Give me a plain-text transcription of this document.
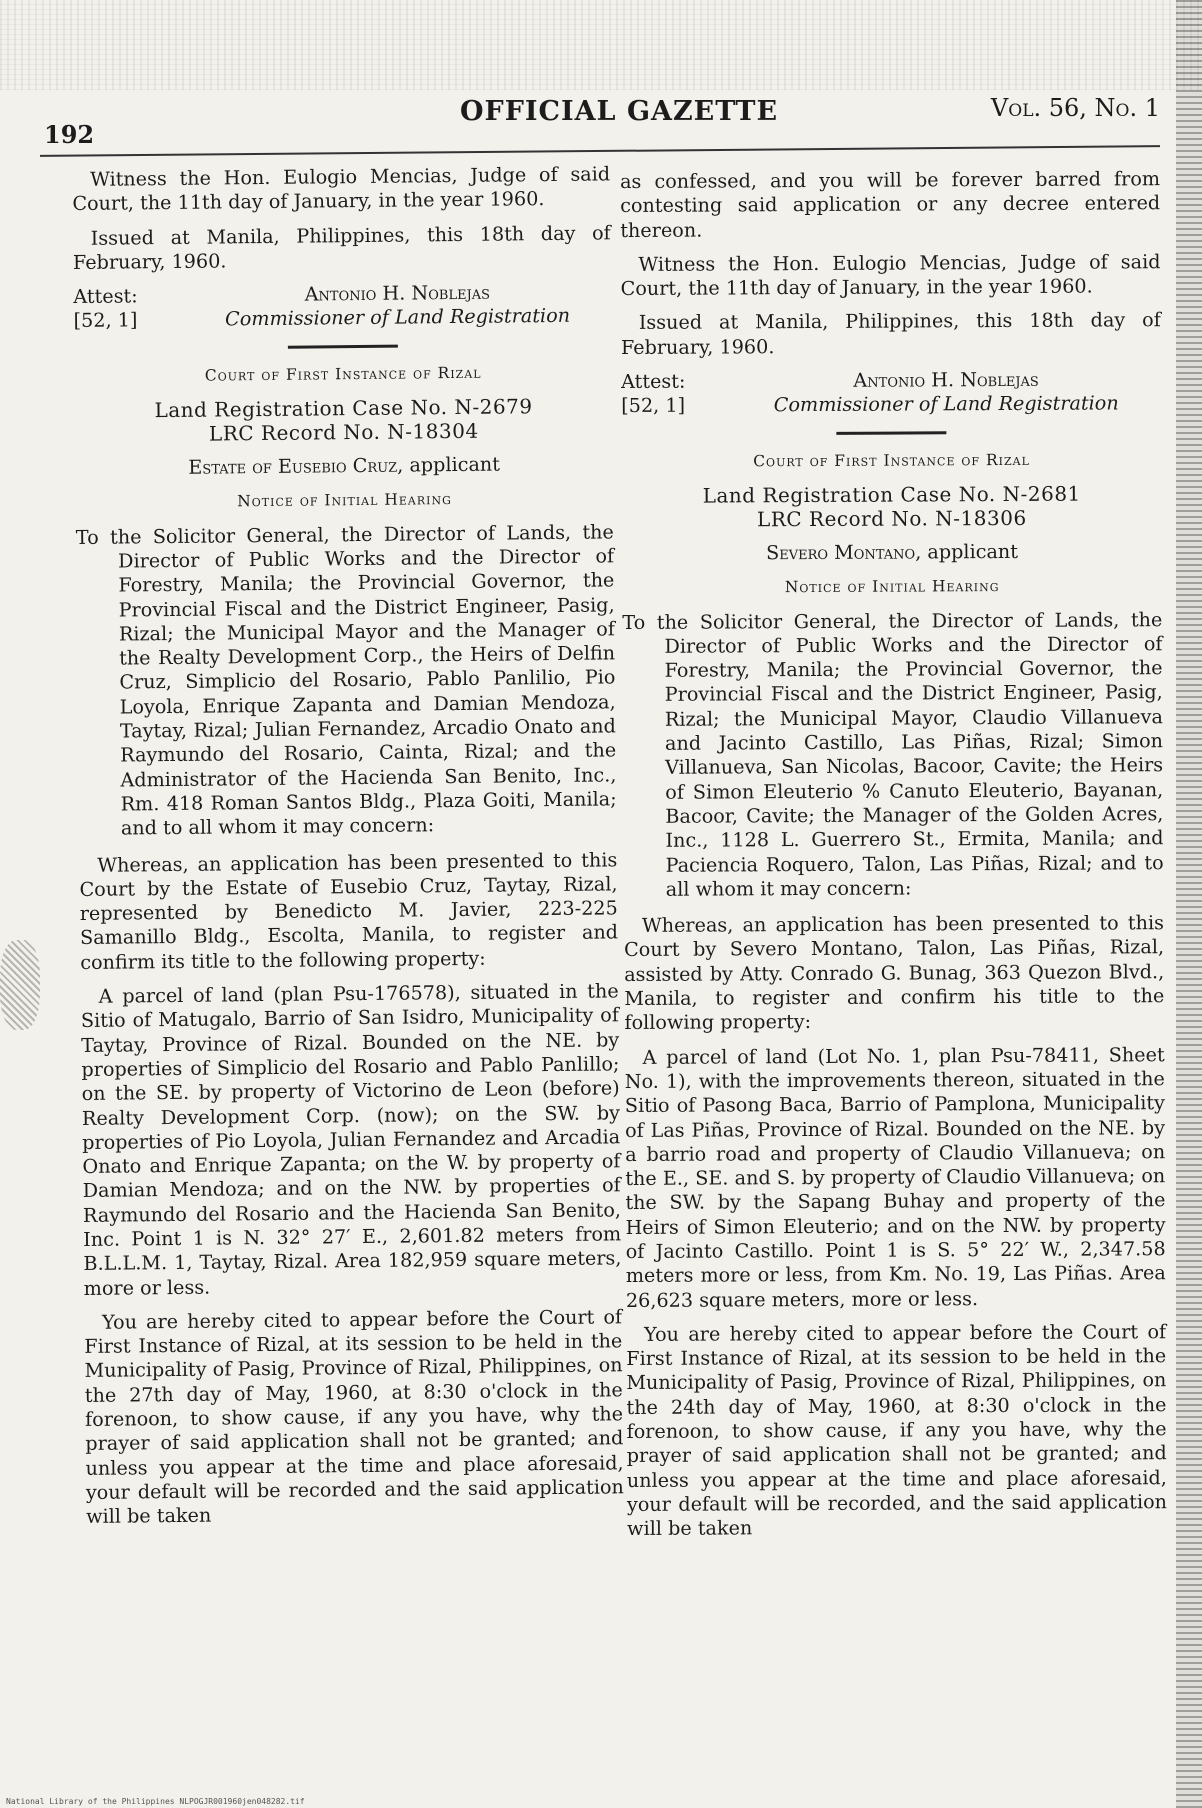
192
OFFICIAL GAZETTE	Vol. 56, No. 1

Witness the Hon. Eulogio Mencias, Judge of said Court, the 11th day of January, in the year 1960.

Issued at Manila, Philippines, this 18th day of February, 1960.

Attest:
[52, 1]
Antonio H. Noblejas
Commissioner of Land Registration
Court of First Instance of Rizal
Land Registration Case No. N-2679
LRC Record No. N-18304
Estate of Eusebio Cruz, applicant
Notice of Initial Hearing

To the Solicitor General, the Director of Lands, the Director of Public Works and the Director of Forestry, Manila; the Provincial Governor, the Provincial Fiscal and the District Engineer, Pasig, Rizal; the Municipal Mayor and the Manager of the Realty Development Corp., the Heirs of Delfin Cruz, Simplicio del Rosario, Pablo Panlilio, Pio Loyola, Enrique Zapanta and Damian Mendoza, Taytay, Rizal; Julian Fernandez, Arcadio Onato and Raymundo del Rosario, Cainta, Rizal; and the Administrator of the Hacienda San Benito, Inc., Rm. 418 Roman Santos Bldg., Plaza Goiti, Manila; and to all whom it may concern:

Whereas, an application has been presented to this Court by the Estate of Eusebio Cruz, Taytay, Rizal, represented by Benedicto M. Javier, 223-225 Samanillo Bldg., Escolta, Manila, to register and confirm its title to the following property:

A parcel of land (plan Psu-176578), situated in the Sitio of Matugalo, Barrio of San Isidro, Municipality of Taytay, Province of Rizal. Bounded on the NE. by properties of Simplicio del Rosario and Pablo Panlillo; on the SE. by property of Victorino de Leon (before) Realty Development Corp. (now); on the SW. by properties of Pio Loyola, Julian Fernandez and Arcadia Onato and Enrique Zapanta; on the W. by property of Damian Mendoza; and on the NW. by properties of Raymundo del Rosario and the Hacienda San Benito, Inc. Point 1 is N. 32° 27′ E., 2,601.82 meters from B.L.L.M. 1, Taytay, Rizal. Area 182,959 square meters, more or less.

You are hereby cited to appear before the Court of First Instance of Rizal, at its session to be held in the Municipality of Pasig, Province of Rizal, Philippines, on the 27th day of May, 1960, at 8:30 o'clock in the forenoon, to show cause, if any you have, why the prayer of said application shall not be granted; and unless you appear at the time and place aforesaid, your default will be recorded and the said application will be taken

as confessed, and you will be forever barred from contesting said application or any decree entered thereon.

Witness the Hon. Eulogio Mencias, Judge of said Court, the 11th day of January, in the year 1960.

Issued at Manila, Philippines, this 18th day of February, 1960.

Attest:
[52, 1]
Antonio H. Noblejas
Commissioner of Land Registration
Court of First Instance of Rizal
Land Registration Case No. N-2681
LRC Record No. N-18306
Severo Montano, applicant
Notice of Initial Hearing

To the Solicitor General, the Director of Lands, the Director of Public Works and the Director of Forestry, Manila; the Provincial Governor, the Provincial Fiscal and the District Engineer, Pasig, Rizal; the Municipal Mayor, Claudio Villanueva and Jacinto Castillo, Las Piñas, Rizal; Simon Villanueva, San Nicolas, Bacoor, Cavite; the Heirs of Simon Eleuterio % Canuto Eleuterio, Bayanan, Bacoor, Cavite; the Manager of the Golden Acres, Inc., 1128 L. Guerrero St., Ermita, Manila; and Paciencia Roquero, Talon, Las Piñas, Rizal; and to all whom it may concern:

Whereas, an application has been presented to this Court by Severo Montano, Talon, Las Piñas, Rizal, assisted by Atty. Conrado G. Bunag, 363 Quezon Blvd., Manila, to register and confirm his title to the following property:

A parcel of land (Lot No. 1, plan Psu-78411, Sheet No. 1), with the improvements thereon, situated in the Sitio of Pasong Baca, Barrio of Pamplona, Municipality of Las Piñas, Province of Rizal. Bounded on the NE. by a barrio road and property of Claudio Villanueva; on the E., SE. and S. by property of Claudio Villanueva; on the SW. by the Sapang Buhay and property of the Heirs of Simon Eleuterio; and on the NW. by property of Jacinto Castillo. Point 1 is S. 5° 22′ W., 2,347.58 meters more or less, from Km. No. 19, Las Piñas. Area 26,623 square meters, more or less.

You are hereby cited to appear before the Court of First Instance of Rizal, at its session to be held in the Municipality of Pasig, Province of Rizal, Philippines, on the 24th day of May, 1960, at 8:30 o'clock in the forenoon, to show cause, if any you have, why the prayer of said application shall not be granted; and unless you appear at the time and place aforesaid, your default will be recorded, and the said application will be taken

National Library of the Philippines NLPOGJR001960jen048282.tif
